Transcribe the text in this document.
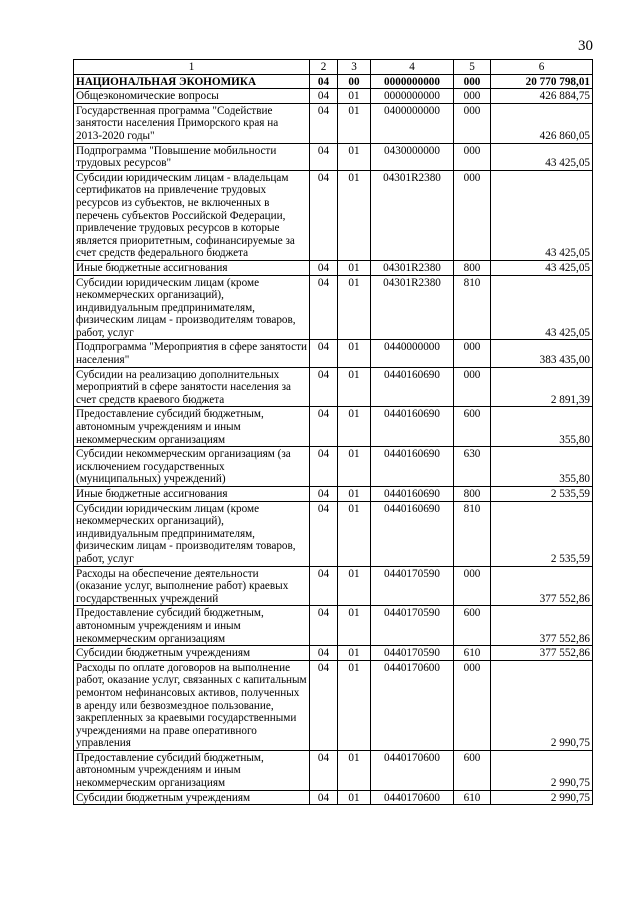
30
1	2	3	4	5	6
НАЦИОНАЛЬНАЯ ЭКОНОМИКА	04	00	0000000000	000	20 770 798,01
Общеэкономические вопросы	04	01	0000000000	000	426 884,75
Государственная программа "Содействие занятости населения Приморского края на 2013-2020 годы"	04	01	0400000000	000	426 860,05
Подпрограмма "Повышение мобильности трудовых ресурсов"	04	01	0430000000	000	43 425,05
Субсидии юридическим лицам - владельцам сертификатов на привлечение трудовых ресурсов из субъектов, не включенных в перечень субъектов Российской Федерации, привлечение трудовых ресурсов в которые является приоритетным, софинансируемые за счет средств федерального бюджета	04	01	04301R2380	000	43 425,05
Иные бюджетные ассигнования	04	01	04301R2380	800	43 425,05
Субсидии юридическим лицам (кроме некоммерческих организаций), индивидуальным предпринимателям, физическим лицам - производителям товаров, работ, услуг	04	01	04301R2380	810	43 425,05
Подпрограмма "Мероприятия в сфере занятости населения"	04	01	0440000000	000	383 435,00
Субсидии на реализацию дополнительных мероприятий в сфере занятости населения за счет средств краевого бюджета	04	01	0440160690	000	2 891,39
Предоставление субсидий бюджетным, автономным учреждениям и иным некоммерческим организациям	04	01	0440160690	600	355,80
Субсидии некоммерческим организациям (за исключением государственных (муниципальных) учреждений)	04	01	0440160690	630	355,80
Иные бюджетные ассигнования	04	01	0440160690	800	2 535,59
Субсидии юридическим лицам (кроме некоммерческих организаций), индивидуальным предпринимателям, физическим лицам - производителям товаров, работ, услуг	04	01	0440160690	810	2 535,59
Расходы на обеспечение деятельности (оказание услуг, выполнение работ) краевых государственных учреждений	04	01	0440170590	000	377 552,86
Предоставление субсидий бюджетным, автономным учреждениям и иным некоммерческим организациям	04	01	0440170590	600	377 552,86
Субсидии бюджетным учреждениям	04	01	0440170590	610	377 552,86
Расходы по оплате договоров на выполнение работ, оказание услуг, связанных с капитальным ремонтом нефинансовых активов, полученных в аренду или безвозмездное пользование, закрепленных за краевыми государственными учреждениями на праве оперативного управления	04	01	0440170600	000	2 990,75
Предоставление субсидий бюджетным, автономным учреждениям и иным некоммерческим организациям	04	01	0440170600	600	2 990,75
Субсидии бюджетным учреждениям	04	01	0440170600	610	2 990,75
